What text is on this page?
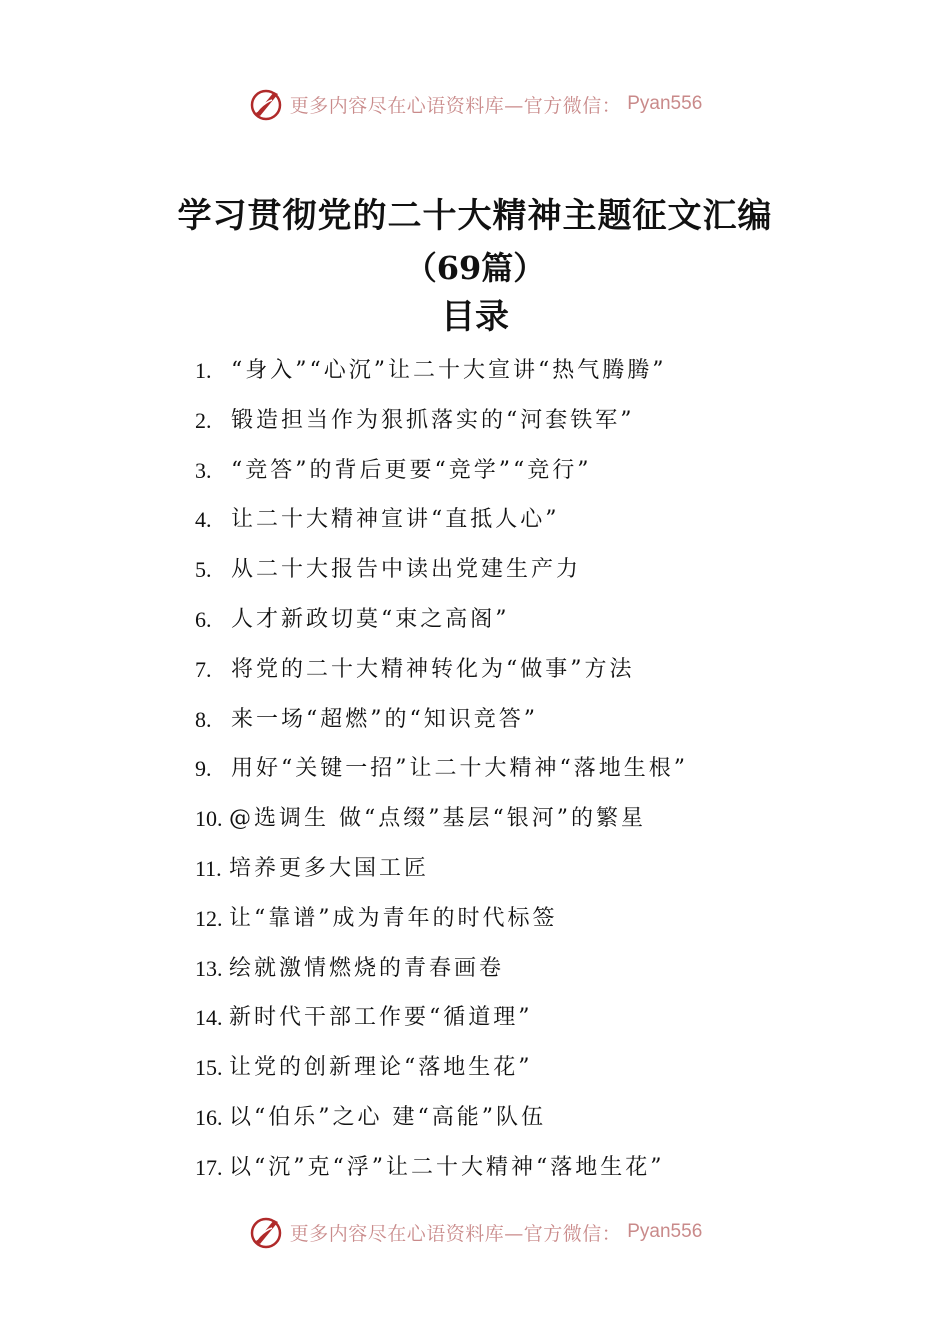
更多内容尽在心语资料库—官方微信： Pyan556
学习贯彻党的二十大精神主题征文汇编
（69篇）
目录
1. “身入”“心沉”让二十大宣讲“热气腾腾”
2. 锻造担当作为狠抓落实的“河套铁军”
3. “竞答”的背后更要“竞学”“竞行”
4. 让二十大精神宣讲“直抵人心”
5. 从二十大报告中读出党建生产力
6. 人才新政切莫“束之高阁”
7. 将党的二十大精神转化为“做事”方法
8. 来一场“超燃”的“知识竞答”
9. 用好“关键一招”让二十大精神“落地生根”
10. @选调生 做“点缀”基层“银河”的繁星
11. 培养更多大国工匠
12. 让“靠谱”成为青年的时代标签
13. 绘就激情燃烧的青春画卷
14. 新时代干部工作要“循道理”
15. 让党的创新理论“落地生花”
16. 以“伯乐”之心 建“高能”队伍
17. 以“沉”克“浮”让二十大精神“落地生花”
更多内容尽在心语资料库—官方微信： Pyan556
